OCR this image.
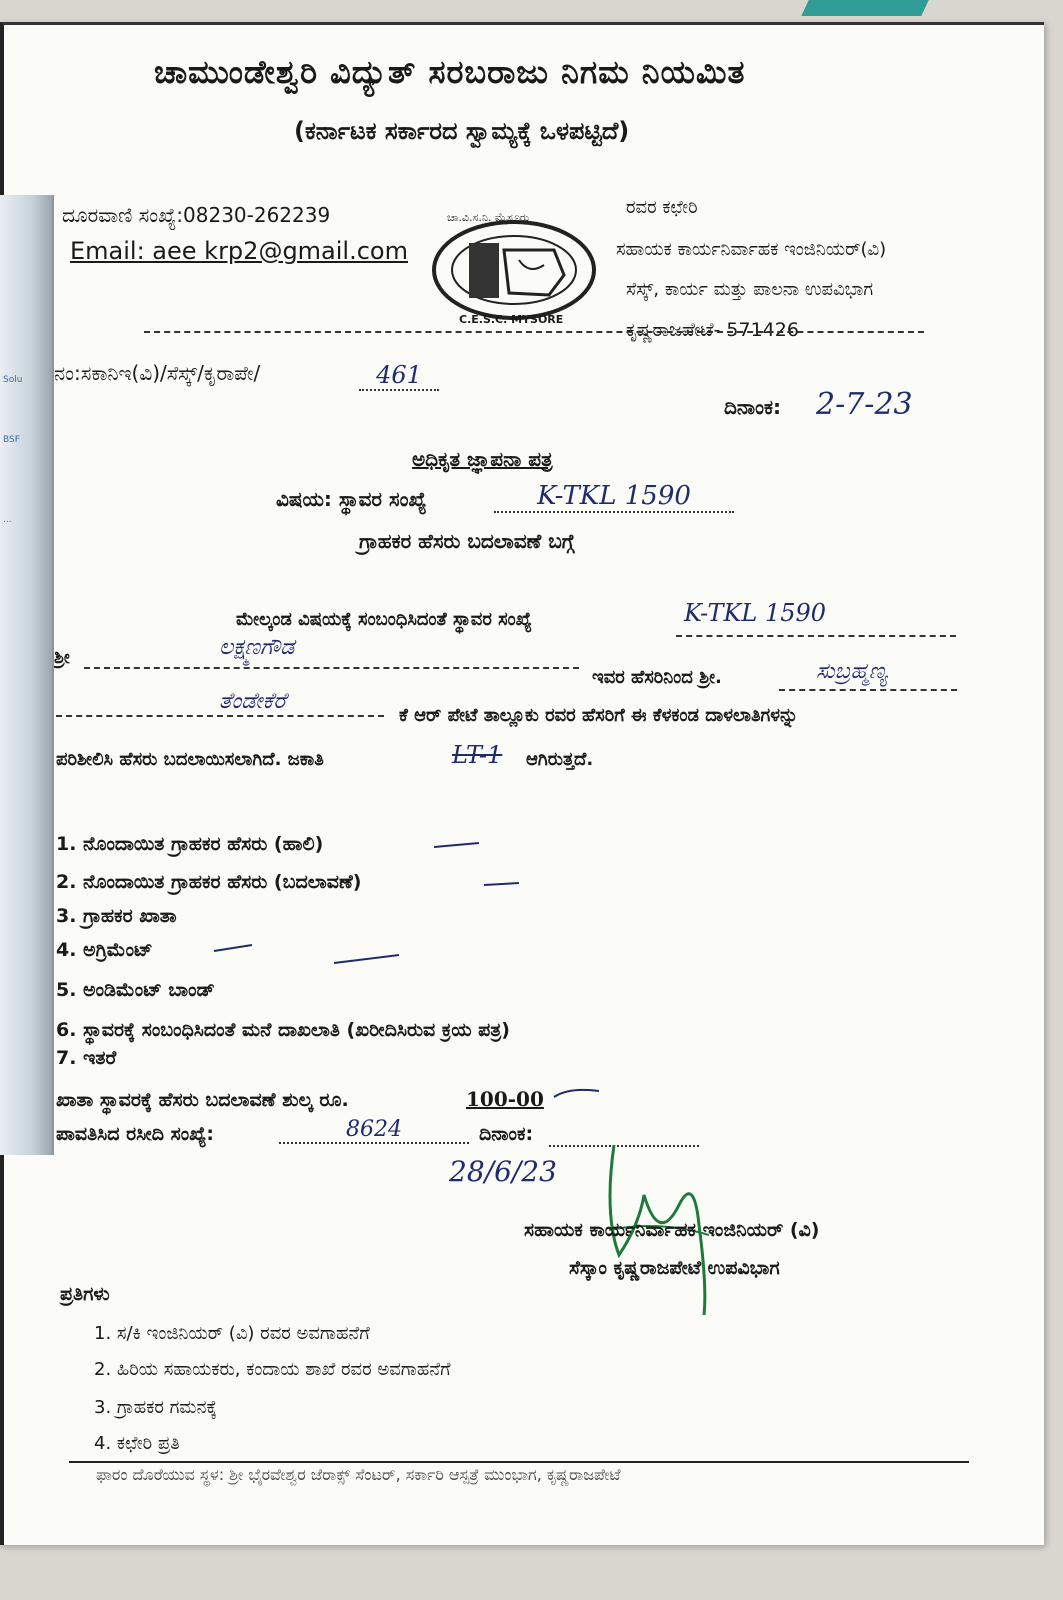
ಚಾಮುಂಡೇಶ್ವರಿ ವಿದ್ಯುತ್ ಸರಬರಾಜು ನಿಗಮ ನಿಯಮಿತ
(ಕರ್ನಾಟಕ ಸರ್ಕಾರದ ಸ್ವಾಮ್ಯಕ್ಕೆ ಒಳಪಟ್ಟಿದೆ)
ದೂರವಾಣಿ ಸಂಖ್ಯೆ:08230-262239
Email: aee krp2@gmail.com
ಚಾ.ವಿ.ಸ.ನಿ. ಮೈಸೂರು
C.E.S.C. MYSORE
ರವರ ಕಛೇರಿ
ಸಹಾಯಕ ಕಾರ್ಯನಿರ್ವಾಹಕ ಇಂಜಿನಿಯರ್(ವಿ)
ಸೆಸ್ಕ್, ಕಾರ್ಯ ಮತ್ತು ಪಾಲನಾ ಉಪವಿಭಾಗ
ಕೃಷ್ಣರಾಜಪೇಟೆ- 571426
ನಂ:ಸಕಾನಿಇ(ವಿ)/ಸೆಸ್ಕ್/ಕೃರಾಪೇ/	461
ದಿನಾಂಕ: 2-7-23
ಅಧಿಕೃತ ಜ್ಞಾಪನಾ ಪತ್ರ
ವಿಷಯ: ಸ್ಥಾವರ ಸಂಖ್ಯೆ	K-TKL 1590
ಗ್ರಾಹಕರ ಹೆಸರು ಬದಲಾವಣೆ ಬಗ್ಗೆ
ಮೇಲ್ಕಂಡ ವಿಷಯಕ್ಕೆ ಸಂಬಂಧಿಸಿದಂತೆ ಸ್ಥಾವರ ಸಂಖ್ಯೆ	K-TKL 1590
ಶ್ರೀ	ಲಕ್ಷ್ಮಣಗೌಡ
ಇವರ ಹೆಸರಿನಿಂದ ಶ್ರೀ.	ಸುಬ್ರಹ್ಮಣ್ಯ
ತೆಂಡೇಕೆರೆ
ಕೆ ಆರ್ ಪೇಟೆ ತಾಲ್ಲೂಕು ರವರ ಹೆಸರಿಗೆ ಈ ಕೆಳಕಂಡ ದಾಳಲಾತಿಗಳನ್ನು
ಪರಿಶೀಲಿಸಿ ಹೆಸರು ಬದಲಾಯಿಸಲಾಗಿದೆ. ಜಕಾತಿ	LT-1 ಆಗಿರುತ್ತದೆ.
1. ನೊಂದಾಯಿತ ಗ್ರಾಹಕರ ಹೆಸರು (ಹಾಲಿ)
2. ನೊಂದಾಯಿತ ಗ್ರಾಹಕರ ಹೆಸರು (ಬದಲಾವಣೆ)
3. ಗ್ರಾಹಕರ ಖಾತಾ
4. ಅಗ್ರಿಮೆಂಟ್
5. ಅಂಡಿಮೆಂಟ್ ಬಾಂಡ್
6. ಸ್ಥಾವರಕ್ಕೆ ಸಂಬಂಧಿಸಿದಂತೆ ಮನೆ ದಾಖಲಾತಿ (ಖರೀದಿಸಿರುವ ಕ್ರಯ ಪತ್ರ)
7. ಇತರೆ
ಖಾತಾ ಸ್ಥಾವರಕ್ಕೆ ಹೆಸರು ಬದಲಾವಣೆ ಶುಲ್ಕ ರೂ.	100-00
ಪಾವತಿಸಿದ ರಸೀದಿ ಸಂಖ್ಯೆ:	8624	ದಿನಾಂಕ:
28/6/23
ಸಹಾಯಕ ಕಾರ್ಯನಿರ್ವಾಹಕ ಇಂಜಿನಿಯರ್ (ವಿ)
ಸೆಸ್ಕಾಂ ಕೃಷ್ಣರಾಜಪೇಟೆ ಉಪವಿಭಾಗ
ಪ್ರತಿಗಳು
1. ಸ/ಕಿ ಇಂಜಿನಿಯರ್ (ವಿ) ರವರ ಅವಗಾಹನೆಗೆ
2. ಹಿರಿಯ ಸಹಾಯಕರು, ಕಂದಾಯ ಶಾಖೆ ರವರ ಅವಗಾಹನೆಗೆ
3. ಗ್ರಾಹಕರ ಗಮನಕ್ಕೆ
4. ಕಛೇರಿ ಪ್ರತಿ
ಫಾರಂ ದೊರೆಯುವ ಸ್ಥಳ: ಶ್ರೀ ಭೈರವೇಶ್ವರ ಜೆರಾಕ್ಸ್ ಸೆಂಟರ್, ಸರ್ಕಾರಿ ಆಸ್ಪತ್ರೆ ಮುಂಭಾಗ, ಕೃಷ್ಣರಾಜಪೇಟೆ
Solu
BSF
...
